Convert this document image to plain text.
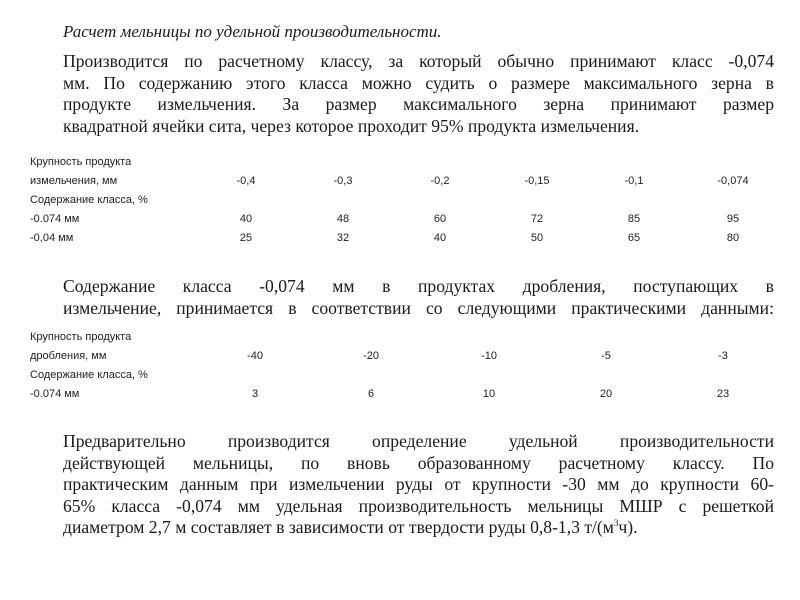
Расчет мельницы по удельной производительности.
Производится по расчетному классу, за который обычно принимают класс -0,074
мм. По содержанию этого класса можно судить о размере максимального зерна в
продукте измельчения. За размер максимального зерна принимают размер
квадратной ячейки сита, через которое проходит 95% продукта измельчения.
Крупность продукта
измельчения, мм	-0,4	-0,3	-0,2	-0,15	-0,1	-0,074
Содержание класса, %
-0.074 мм	40	48	60	72	85	95
-0,04 мм	25	32	40	50	65	80
Содержание класса -0,074 мм в продуктах дробления, поступающих в
измельчение, принимается в соответствии со следующими практическими данными:
Крупность продукта
дробления, мм	-40	-20	-10	-5	-3
Содержание класса, %
-0.074 мм	3	6	10	20	23
Предварительно производится определение удельной производительности
действующей мельницы, по вновь образованному расчетному классу. По
практическим данным при измельчении руды от крупности -30 мм до крупности 60-
65% класса -0,074 мм удельная производительность мельницы МШР с решеткой
диаметром 2,7 м составляет в зависимости от твердости руды 0,8-1,3 $т/(м^3ч)$.
